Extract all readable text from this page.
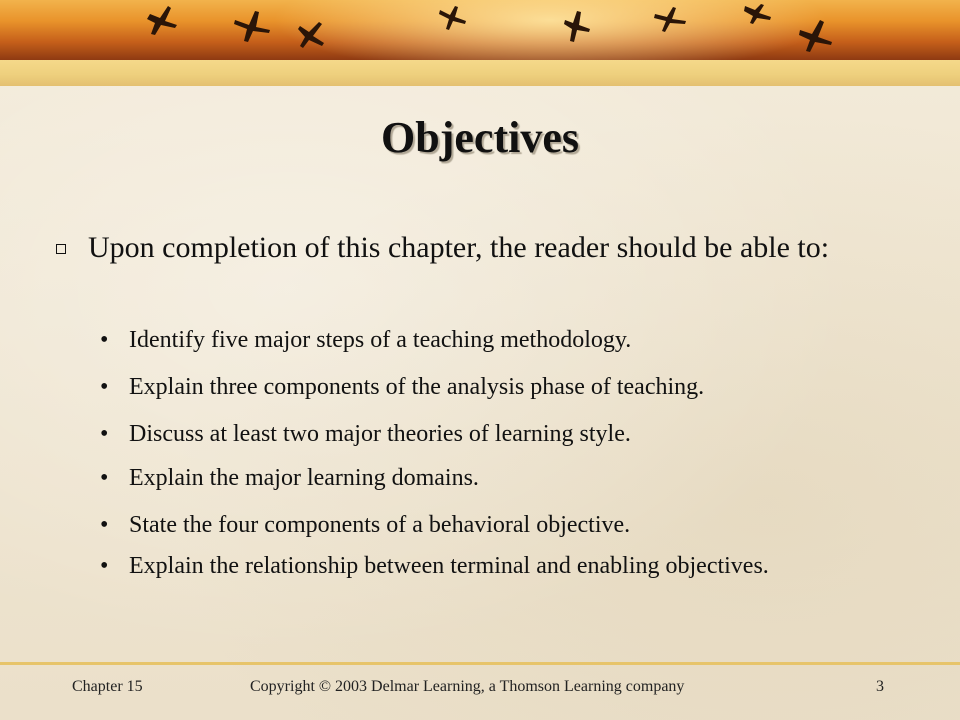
Objectives
Upon completion of this chapter, the reader should be able to:
• Identify five major steps of a teaching methodology.
• Explain three components of the analysis phase of teaching.
• Discuss at least two major theories of learning style.
• Explain the major learning domains.
• State the four components of a behavioral objective.
• Explain the relationship between terminal and enabling objectives.
Chapter 15	Copyright © 2003 Delmar Learning, a Thomson Learning company	3
